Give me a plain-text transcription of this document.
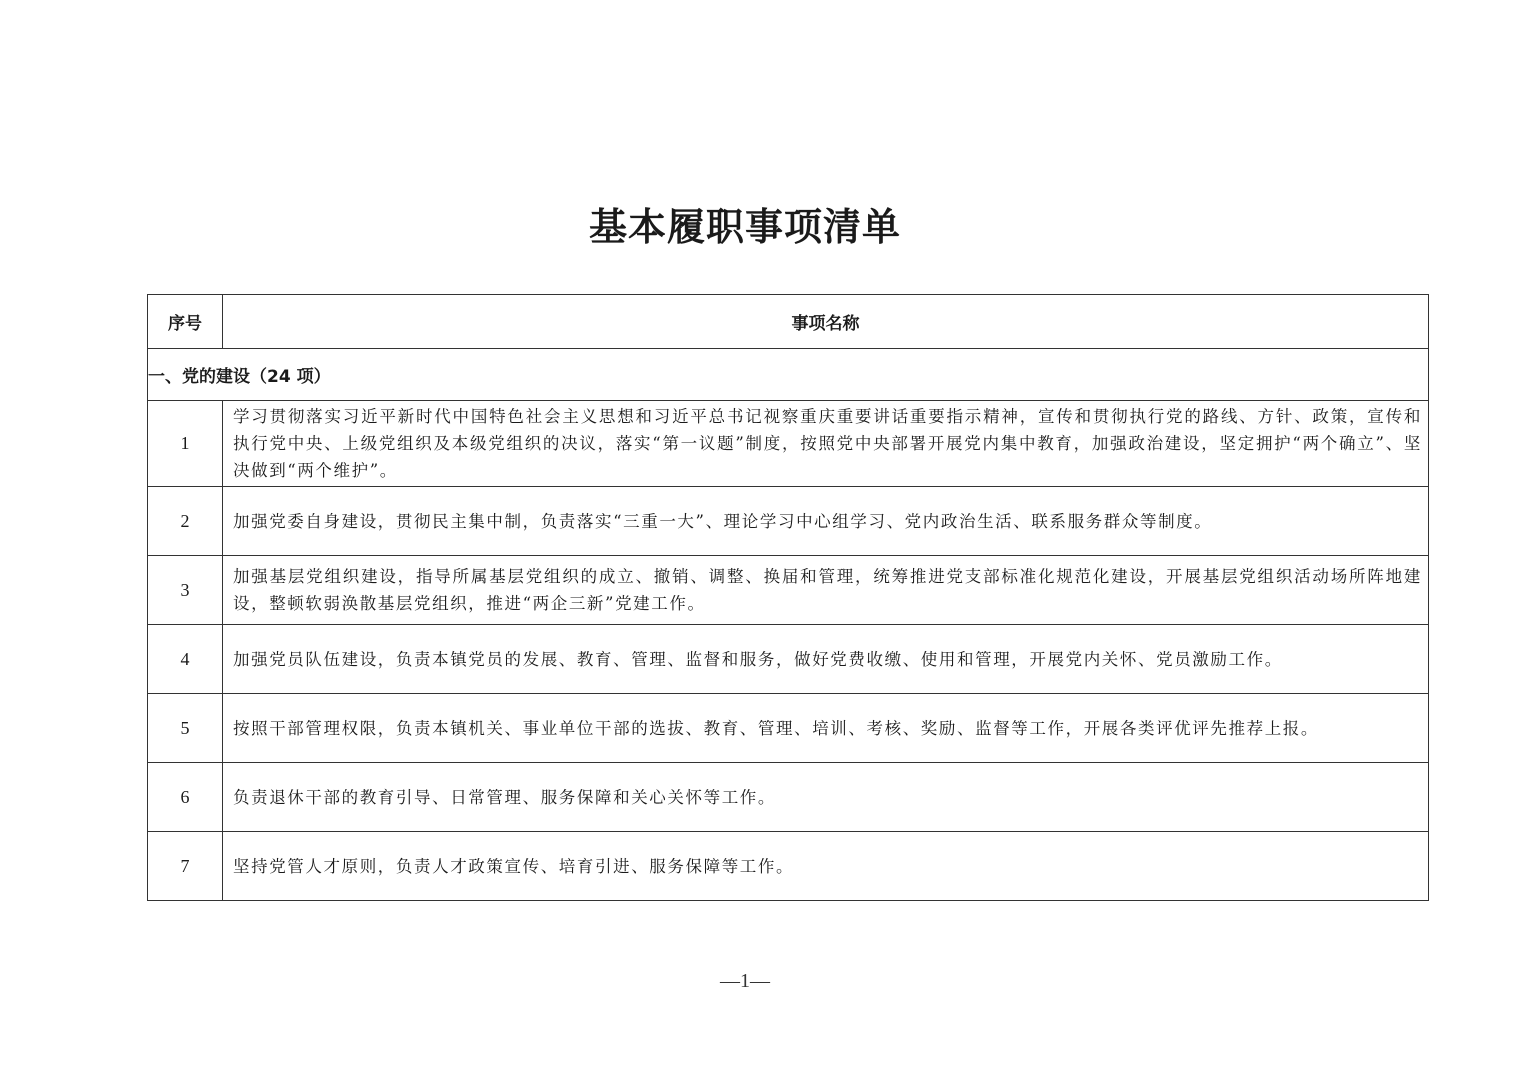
基本履职事项清单
序号	事项名称
一、党的建设（24 项）	
1	学习贯彻落实习近平新时代中国特色社会主义思想和习近平总书记视察重庆重要讲话重要指示精神，宣传和贯彻执行党的路线、方针、政策，宣传和执行党中央、上级党组织及本级党组织的决议，落实“第一议题”制度，按照党中央部署开展党内集中教育，加强政治建设，坚定拥护“两个确立”、坚决做到“两个维护”。
2	加强党委自身建设，贯彻民主集中制，负责落实“三重一大”、理论学习中心组学习、党内政治生活、联系服务群众等制度。
3	加强基层党组织建设，指导所属基层党组织的成立、撤销、调整、换届和管理，统筹推进党支部标准化规范化建设，开展基层党组织活动场所阵地建设，整顿软弱涣散基层党组织，推进“两企三新”党建工作。
4	加强党员队伍建设，负责本镇党员的发展、教育、管理、监督和服务，做好党费收缴、使用和管理，开展党内关怀、党员激励工作。
5	按照干部管理权限，负责本镇机关、事业单位干部的选拔、教育、管理、培训、考核、奖励、监督等工作，开展各类评优评先推荐上报。
6	负责退休干部的教育引导、日常管理、服务保障和关心关怀等工作。
7	坚持党管人才原则，负责人才政策宣传、培育引进、服务保障等工作。
—1—
